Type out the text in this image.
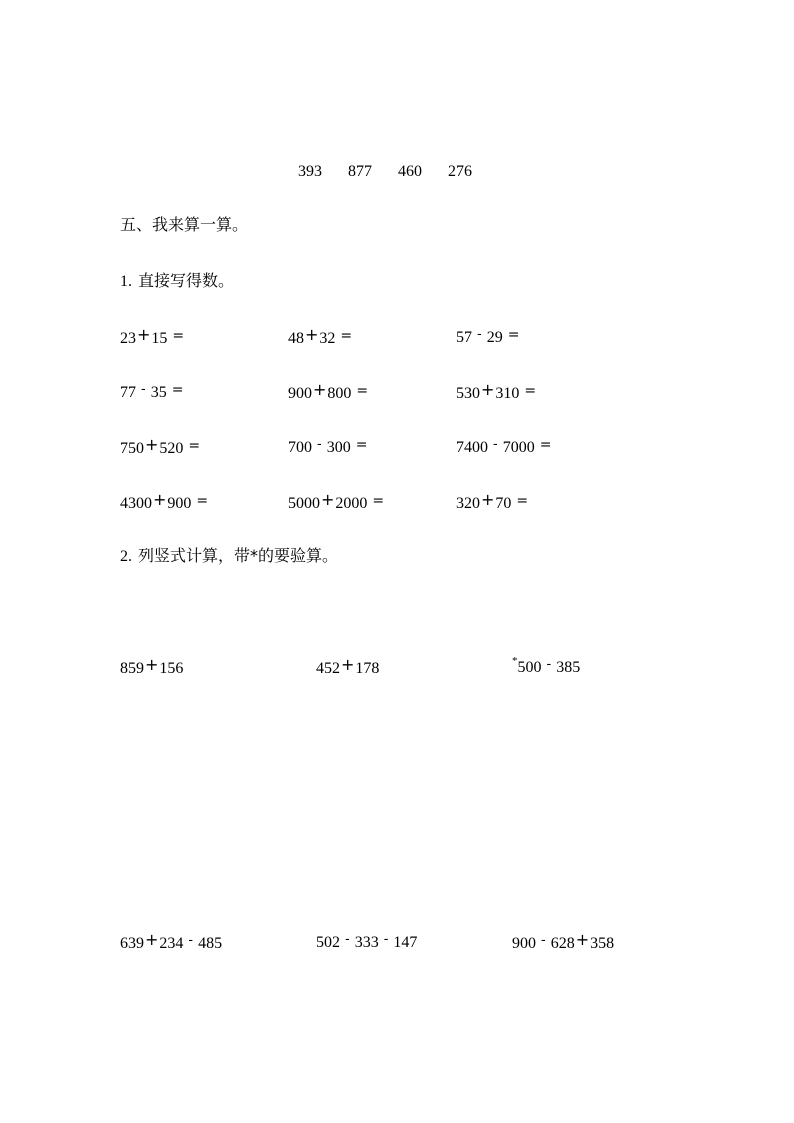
393 877 460 276
五、我来算一算。
1. 直接写得数。
23+15 =	48+32 =	57 - 29 =
77 - 35 =	900+800 =	530+310 =
750+520 =	700 - 300 =	7400 - 7000 =
4300+900 =	5000+2000 =	320+70 =
2. 列竖式计算，带*的要验算。
859+156	452+178	*500 - 385
639+234 - 485	502 - 333 - 147	900 - 628+358
